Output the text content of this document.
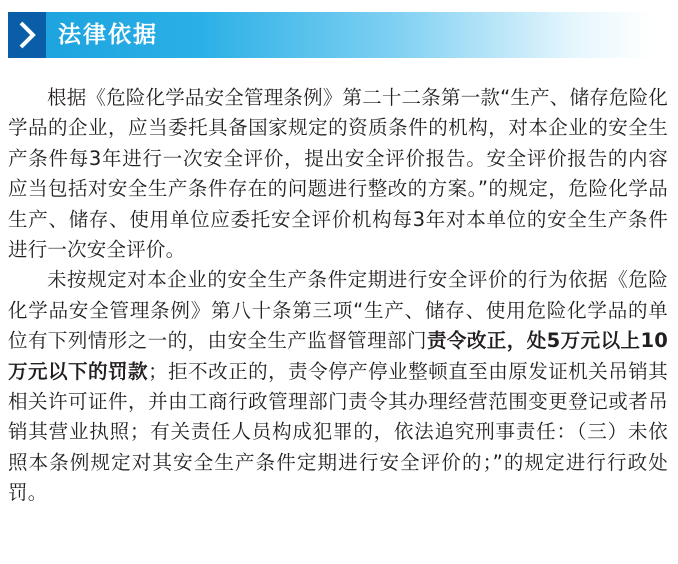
法律依据

根据《危险化学品安全管理条例》第二十二条第一款“生产、储存危险化学品的企业，应当委托具备国家规定的资质条件的机构，对本企业的安全生产条件每3年进行一次安全评价，提出安全评价报告。安全评价报告的内容应当包括对安全生产条件存在的问题进行整改的方案。”的规定，危险化学品生产、储存、使用单位应委托安全评价机构每3年对本单位的安全生产条件进行一次安全评价。

未按规定对本企业的安全生产条件定期进行安全评价的行为依据《危险化学品安全管理条例》第八十条第三项“生产、储存、使用危险化学品的单位有下列情形之一的，由安全生产监督管理部门责令改正，处5万元以上10万元以下的罚款；拒不改正的，责令停产停业整顿直至由原发证机关吊销其相关许可证件，并由工商行政管理部门责令其办理经营范围变更登记或者吊销其营业执照；有关责任人员构成犯罪的，依法追究刑事责任：（三）未依照本条例规定对其安全生产条件定期进行安全评价的；”的规定进行行政处罚。
